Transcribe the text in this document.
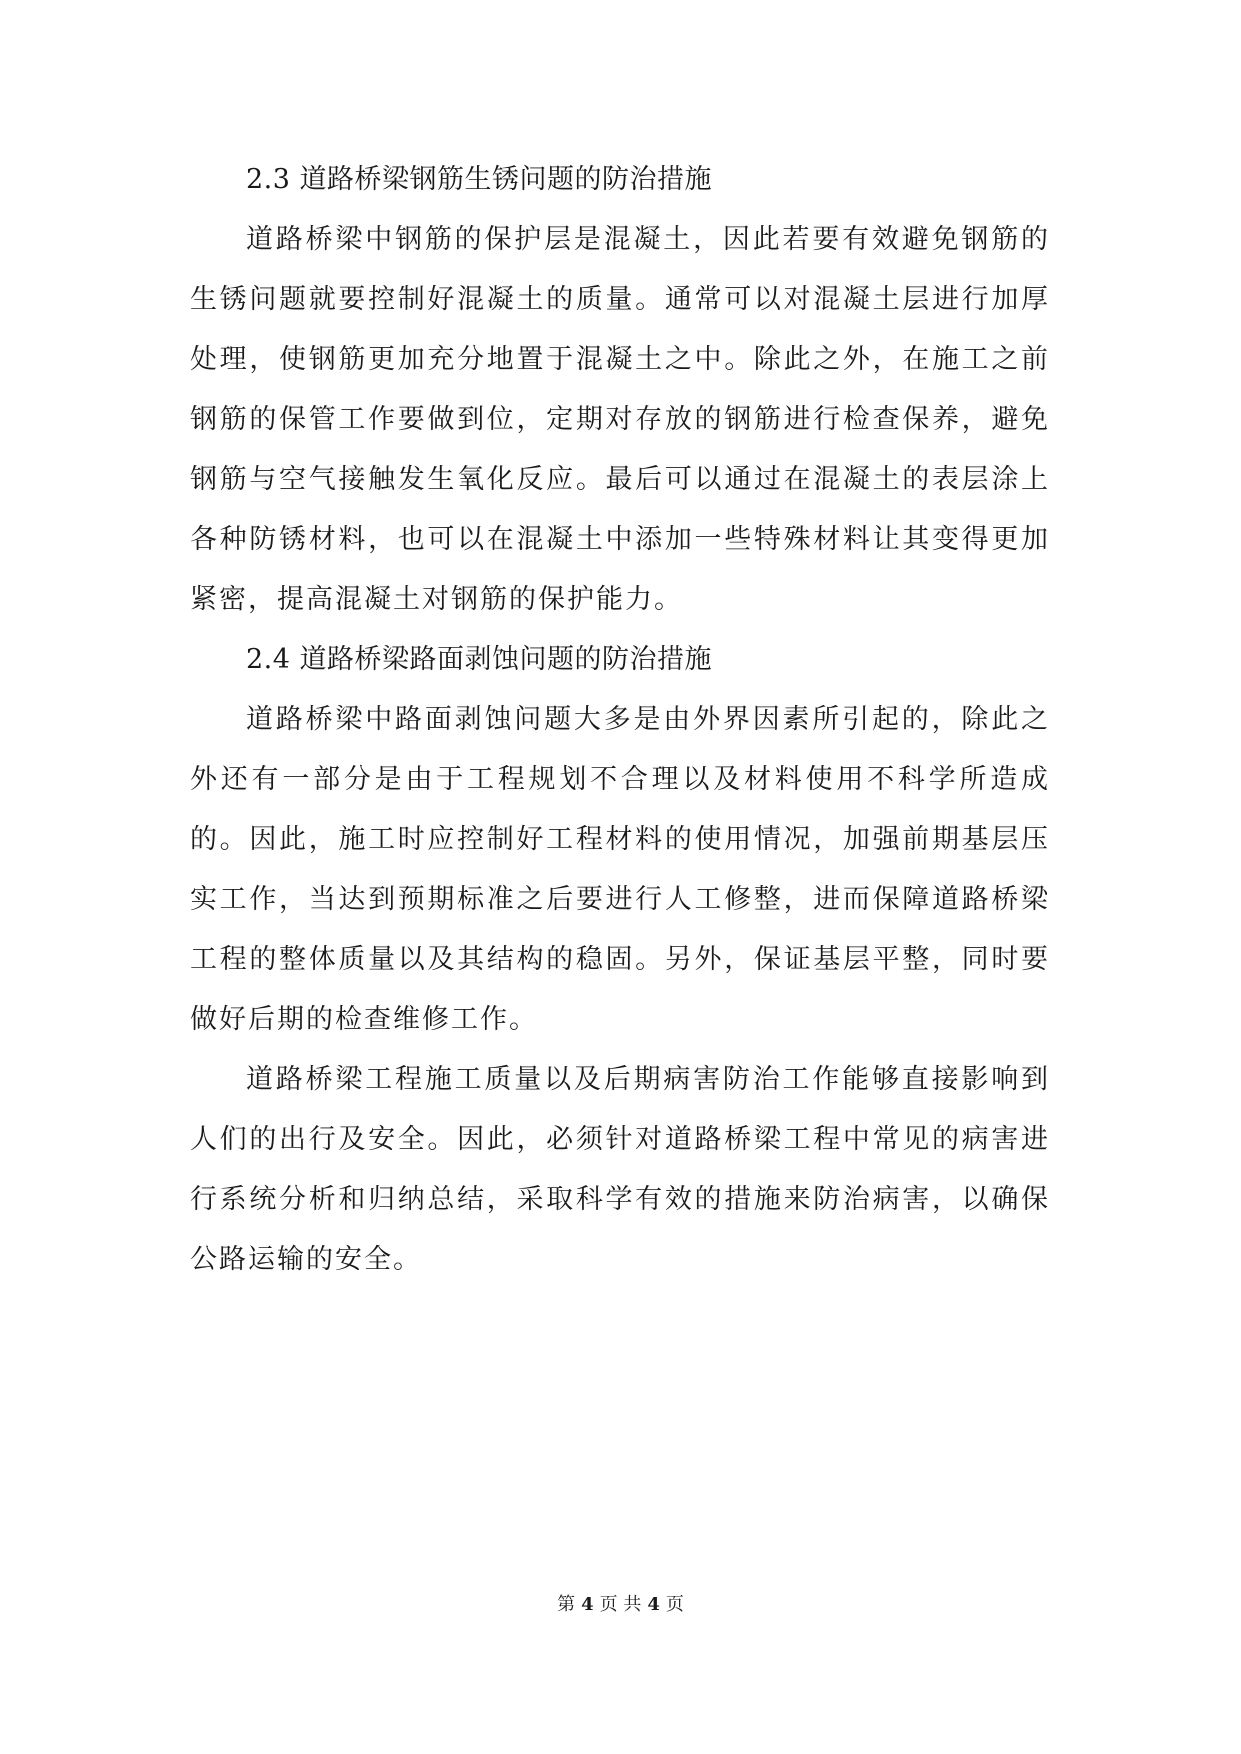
2.3 道路桥梁钢筋生锈问题的防治措施

道路桥梁中钢筋的保护层是混凝土，因此若要有效避免钢筋的生锈问题就要控制好混凝土的质量。通常可以对混凝土层进行加厚处理，使钢筋更加充分地置于混凝土之中。除此之外，在施工之前钢筋的保管工作要做到位，定期对存放的钢筋进行检查保养，避免钢筋与空气接触发生氧化反应。最后可以通过在混凝土的表层涂上各种防锈材料，也可以在混凝土中添加一些特殊材料让其变得更加紧密，提高混凝土对钢筋的保护能力。

2.4 道路桥梁路面剥蚀问题的防治措施

道路桥梁中路面剥蚀问题大多是由外界因素所引起的，除此之外还有一部分是由于工程规划不合理以及材料使用不科学所造成的。因此，施工时应控制好工程材料的使用情况，加强前期基层压实工作，当达到预期标准之后要进行人工修整，进而保障道路桥梁工程的整体质量以及其结构的稳固。另外，保证基层平整，同时要做好后期的检查维修工作。

道路桥梁工程施工质量以及后期病害防治工作能够直接影响到人们的出行及安全。因此，必须针对道路桥梁工程中常见的病害进行系统分析和归纳总结，采取科学有效的措施来防治病害，以确保公路运输的安全。

第 4 页 共 4 页
